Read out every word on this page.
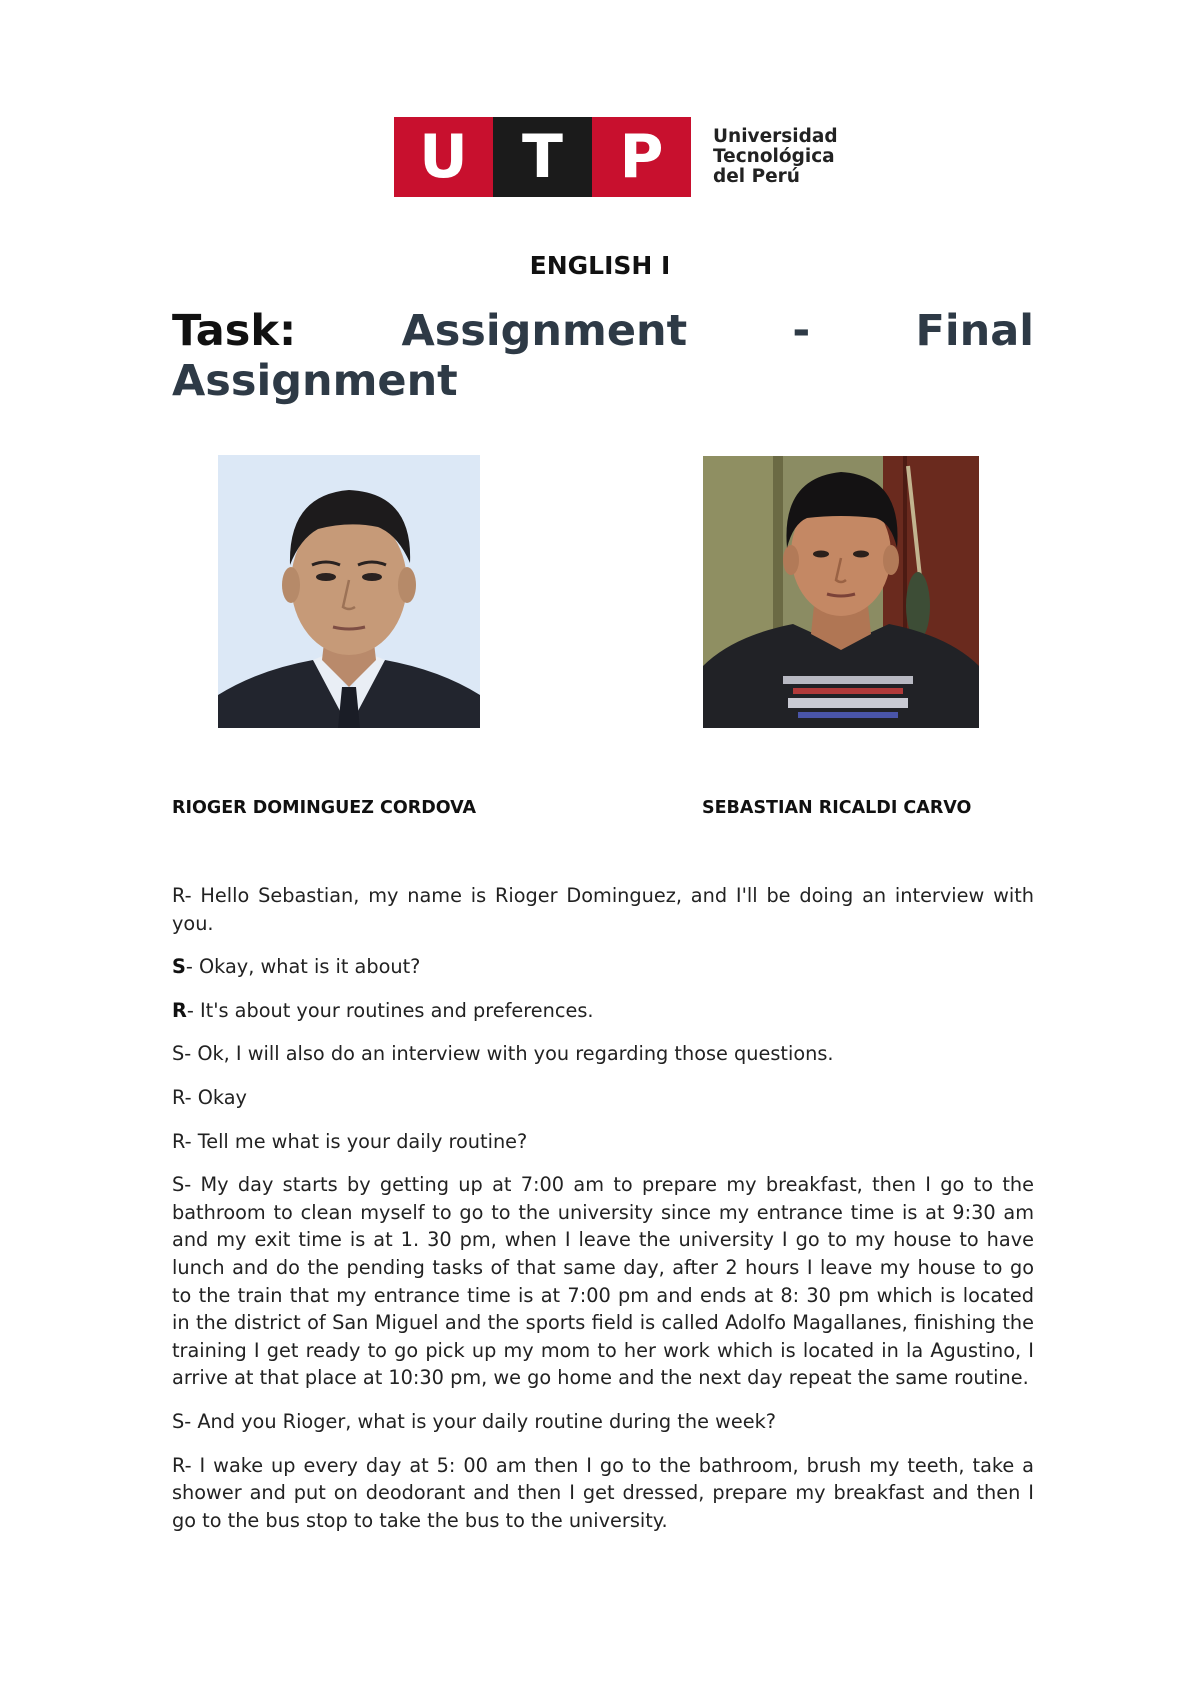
U T P	Universidad
Tecnológica
del Perú
ENGLISH I
Task: Assignment - Final
Assignment
RIOGER DOMINGUEZ CORDOVA	SEBASTIAN RICALDI CARVO

R- Hello Sebastian, my name is Rioger Dominguez, and I'll be doing an interview with you.

S- Okay, what is it about?

R- It's about your routines and preferences.

S- Ok, I will also do an interview with you regarding those questions.

R- Okay

R- Tell me what is your daily routine?

S- My day starts by getting up at 7:00 am to prepare my breakfast, then I go to the bathroom to clean myself to go to the university since my entrance time is at 9:30 am and my exit time is at 1. 30 pm, when I leave the university I go to my house to have lunch and do the pending tasks of that same day, after 2 hours I leave my house to go to the train that my entrance time is at 7:00 pm and ends at 8: 30 pm which is located in the district of San Miguel and the sports field is called Adolfo Magallanes, finishing the training I get ready to go pick up my mom to her work which is located in la Agustino, I arrive at that place at 10:30 pm, we go home and the next day repeat the same routine.

S- And you Rioger, what is your daily routine during the week?

R- I wake up every day at 5: 00 am then I go to the bathroom, brush my teeth, take a shower and put on deodorant and then I get dressed, prepare my breakfast and then I go to the bus stop to take the bus to the university.
